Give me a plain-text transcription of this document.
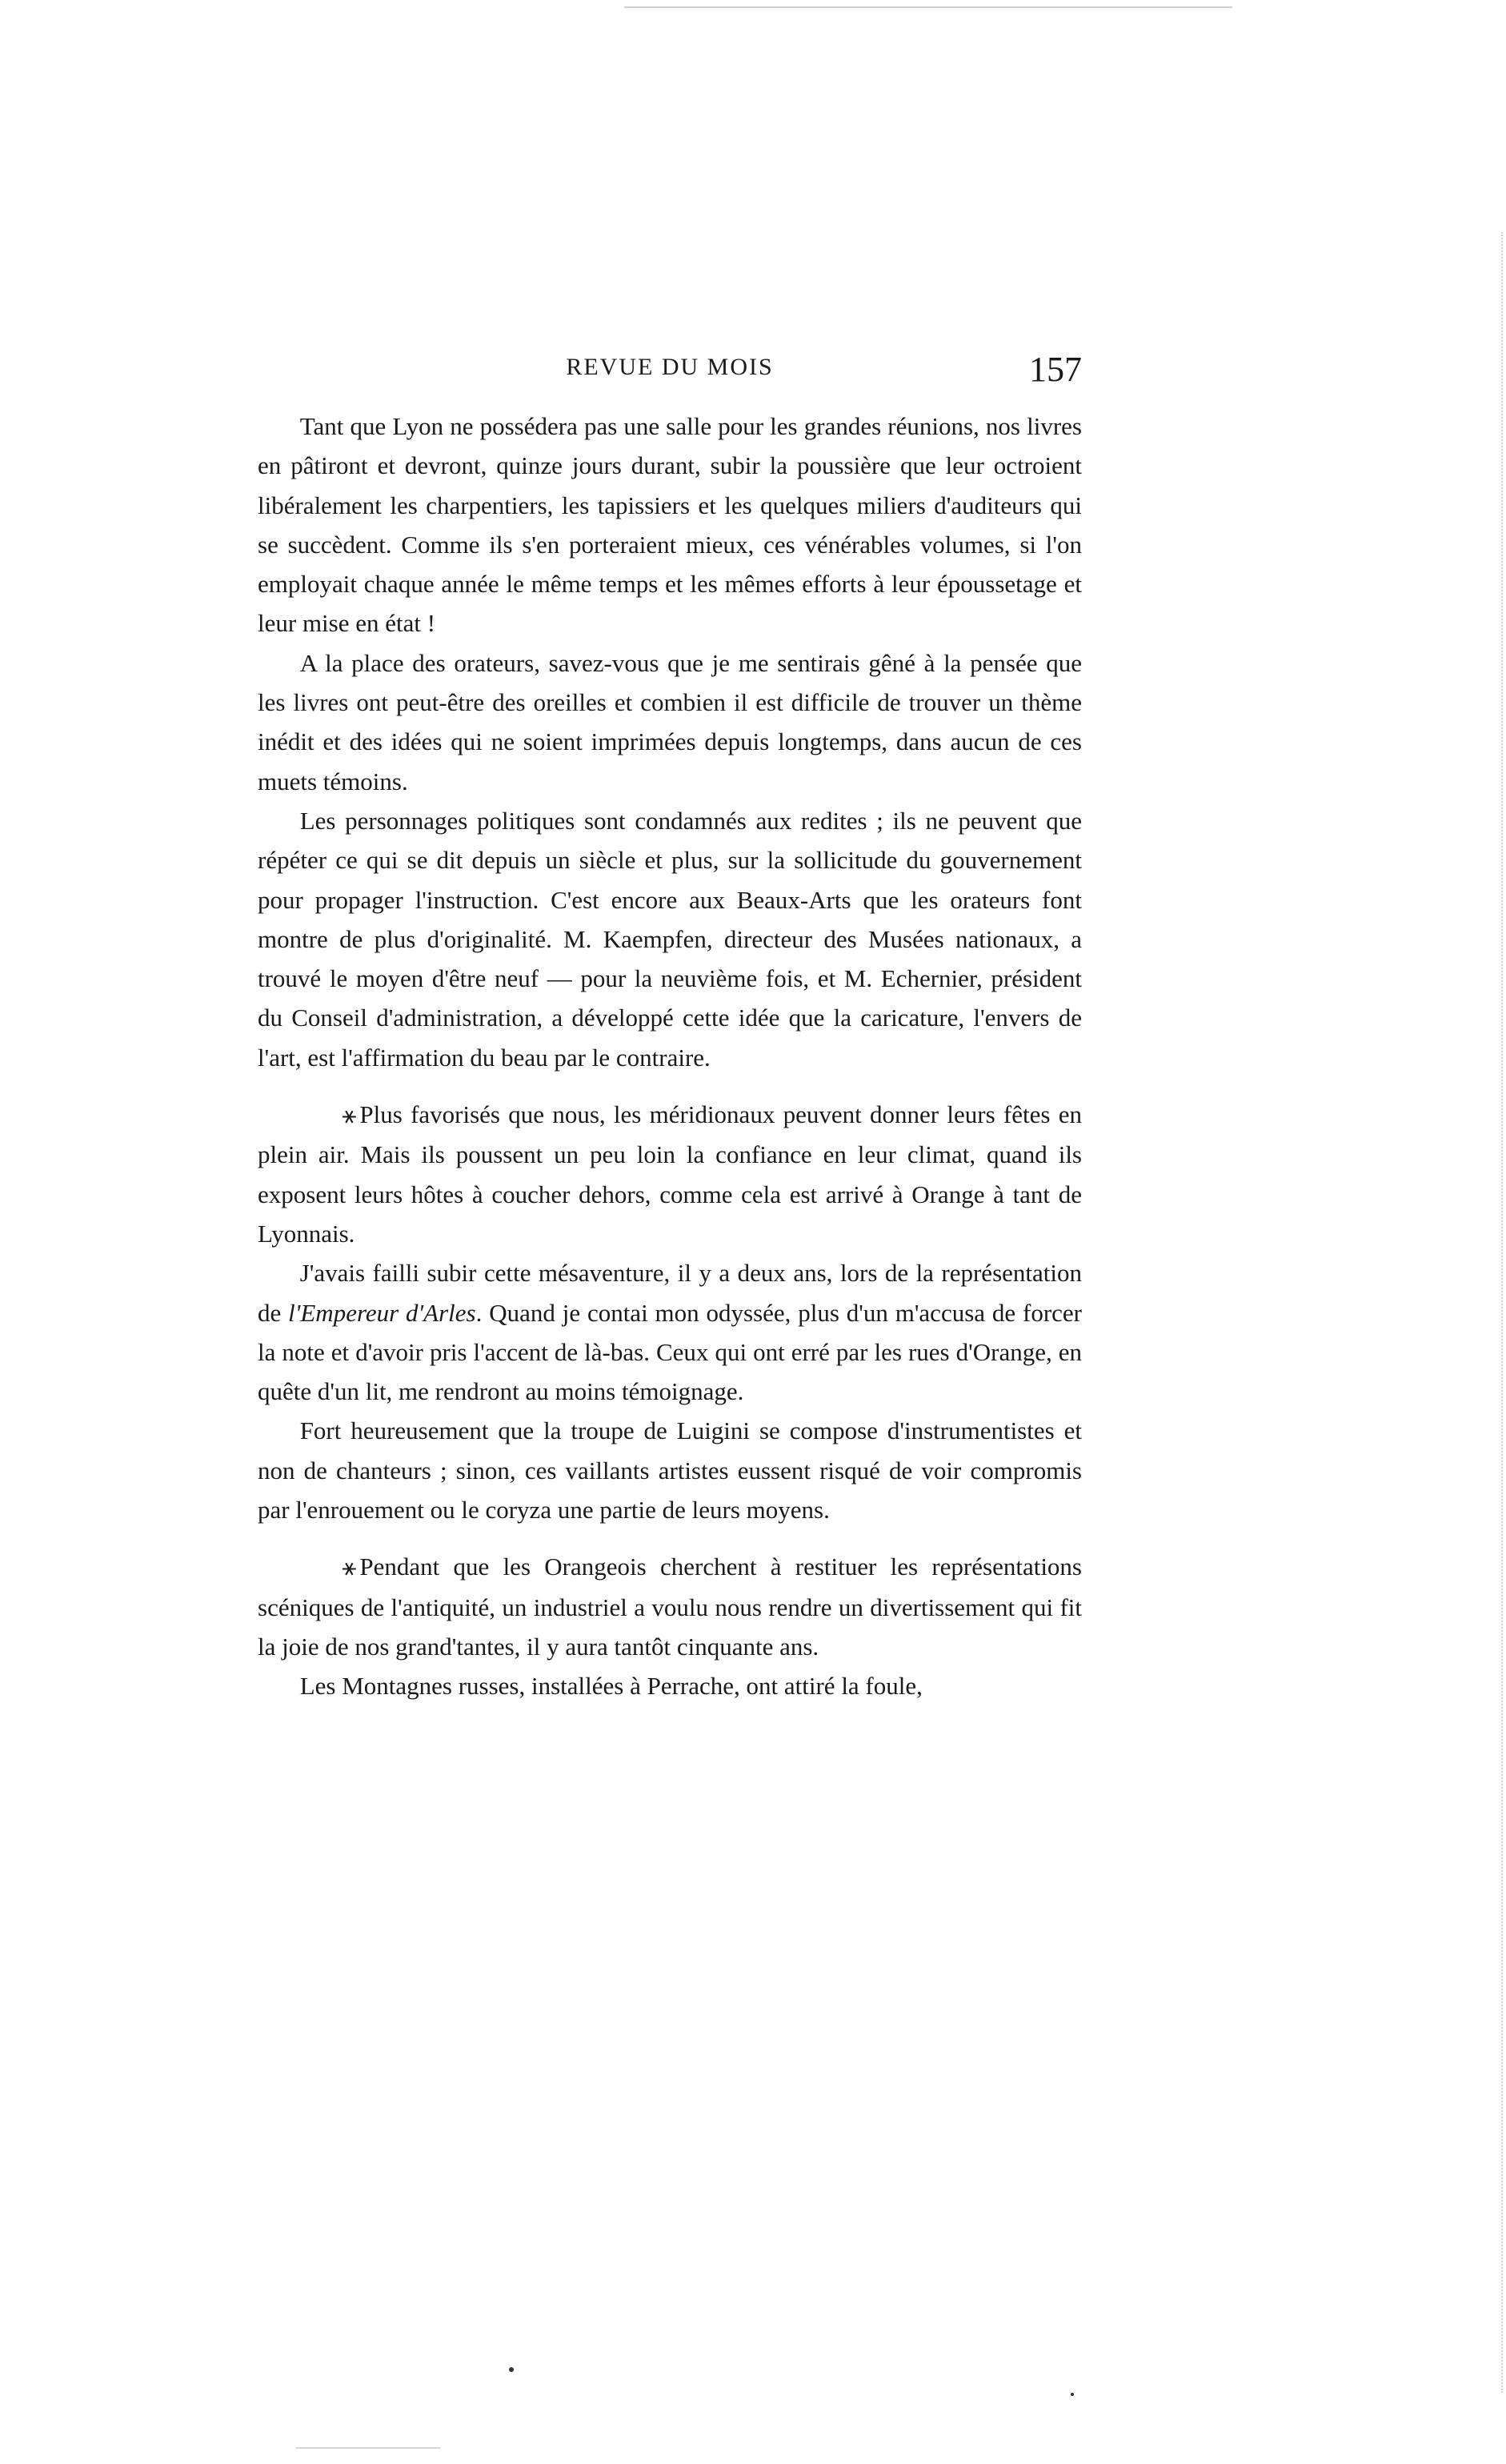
REVUE DU MOIS	157

Tant que Lyon ne possédera pas une salle pour les grandes réunions, nos livres en pâtiront et devront, quinze jours durant, subir la poussière que leur octroient libéralement les charpentiers, les tapissiers et les quelques miliers d'auditeurs qui se succèdent. Comme ils s'en porteraient mieux, ces vénérables volumes, si l'on employait chaque année le même temps et les mêmes efforts à leur époussetage et leur mise en état !

A la place des orateurs, savez-vous que je me sentirais gêné à la pensée que les livres ont peut-être des oreilles et combien il est difficile de trouver un thème inédit et des idées qui ne soient imprimées depuis longtemps, dans aucun de ces muets témoins.

Les personnages politiques sont condamnés aux redites ; ils ne peuvent que répéter ce qui se dit depuis un siècle et plus, sur la sollicitude du gouvernement pour propager l'instruction. C'est encore aux Beaux-Arts que les orateurs font montre de plus d'originalité. M. Kaempfen, directeur des Musées nationaux, a trouvé le moyen d'être neuf — pour la neuvième fois, et M. Echernier, président du Conseil d'administration, a développé cette idée que la caricature, l'envers de l'art, est l'affirmation du beau par le contraire.

⚹ Plus favorisés que nous, les méridionaux peuvent donner leurs fêtes en plein air. Mais ils poussent un peu loin la confiance en leur climat, quand ils exposent leurs hôtes à coucher dehors, comme cela est arrivé à Orange à tant de Lyonnais.

J'avais failli subir cette mésaventure, il y a deux ans, lors de la représentation de l'Empereur d'Arles. Quand je contai mon odyssée, plus d'un m'accusa de forcer la note et d'avoir pris l'accent de là-bas. Ceux qui ont erré par les rues d'Orange, en quête d'un lit, me rendront au moins témoignage.

Fort heureusement que la troupe de Luigini se compose d'instrumentistes et non de chanteurs ; sinon, ces vaillants artistes eussent risqué de voir compromis par l'enrouement ou le coryza une partie de leurs moyens.

⚹ Pendant que les Orangeois cherchent à restituer les représentations scéniques de l'antiquité, un industriel a voulu nous rendre un divertissement qui fit la joie de nos grand'tantes, il y aura tantôt cinquante ans.

Les Montagnes russes, installées à Perrache, ont attiré la foule,
